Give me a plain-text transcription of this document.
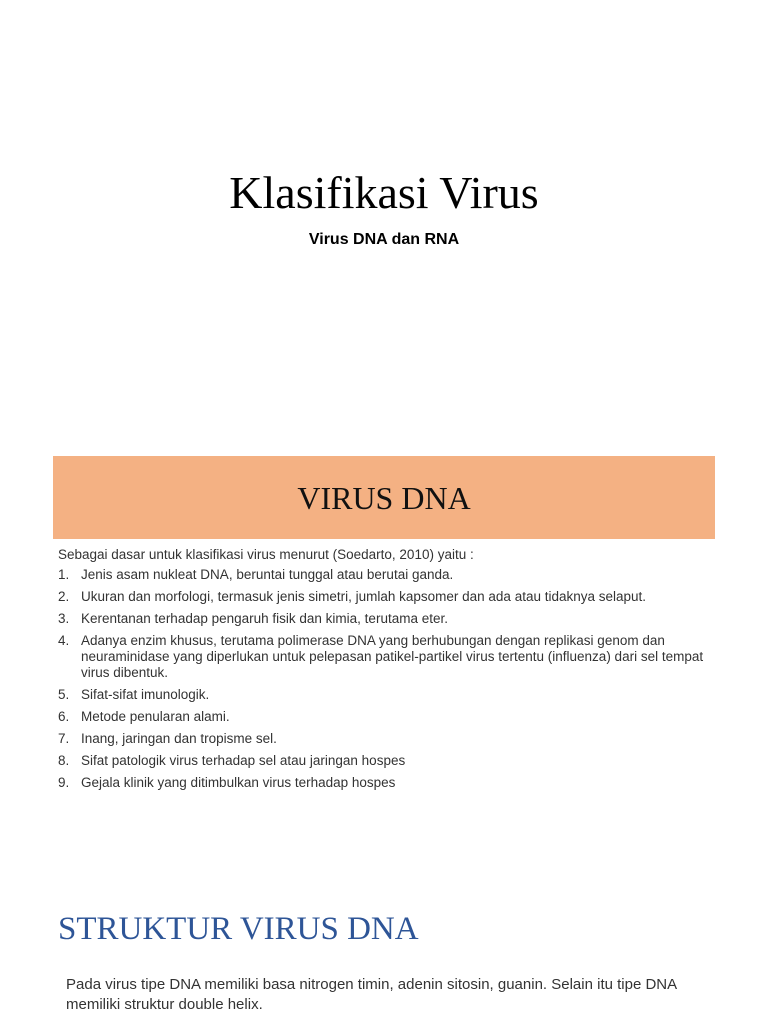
Klasifikasi Virus

Virus DNA dan RNA

VIRUS DNA

Sebagai dasar untuk klasifikasi virus menurut (Soedarto, 2010) yaitu :

1. Jenis asam nukleat DNA, beruntai tunggal atau berutai ganda.
2. Ukuran dan morfologi, termasuk jenis simetri, jumlah kapsomer dan ada atau tidaknya selaput.
3. Kerentanan terhadap pengaruh fisik dan kimia, terutama eter.
4. Adanya enzim khusus, terutama polimerase DNA yang berhubungan dengan replikasi genom dan neuraminidase yang diperlukan untuk pelepasan patikel-partikel virus tertentu (influenza) dari sel tempat virus dibentuk.
5. Sifat-sifat imunologik.
6. Metode penularan alami.
7. Inang, jaringan dan tropisme sel.
8. Sifat patologik virus terhadap sel atau jaringan hospes
9. Gejala klinik yang ditimbulkan virus terhadap hospes
STRUKTUR VIRUS DNA

Pada virus tipe DNA memiliki basa nitrogen timin, adenin sitosin, guanin. Selain itu tipe DNA memiliki struktur double helix.
